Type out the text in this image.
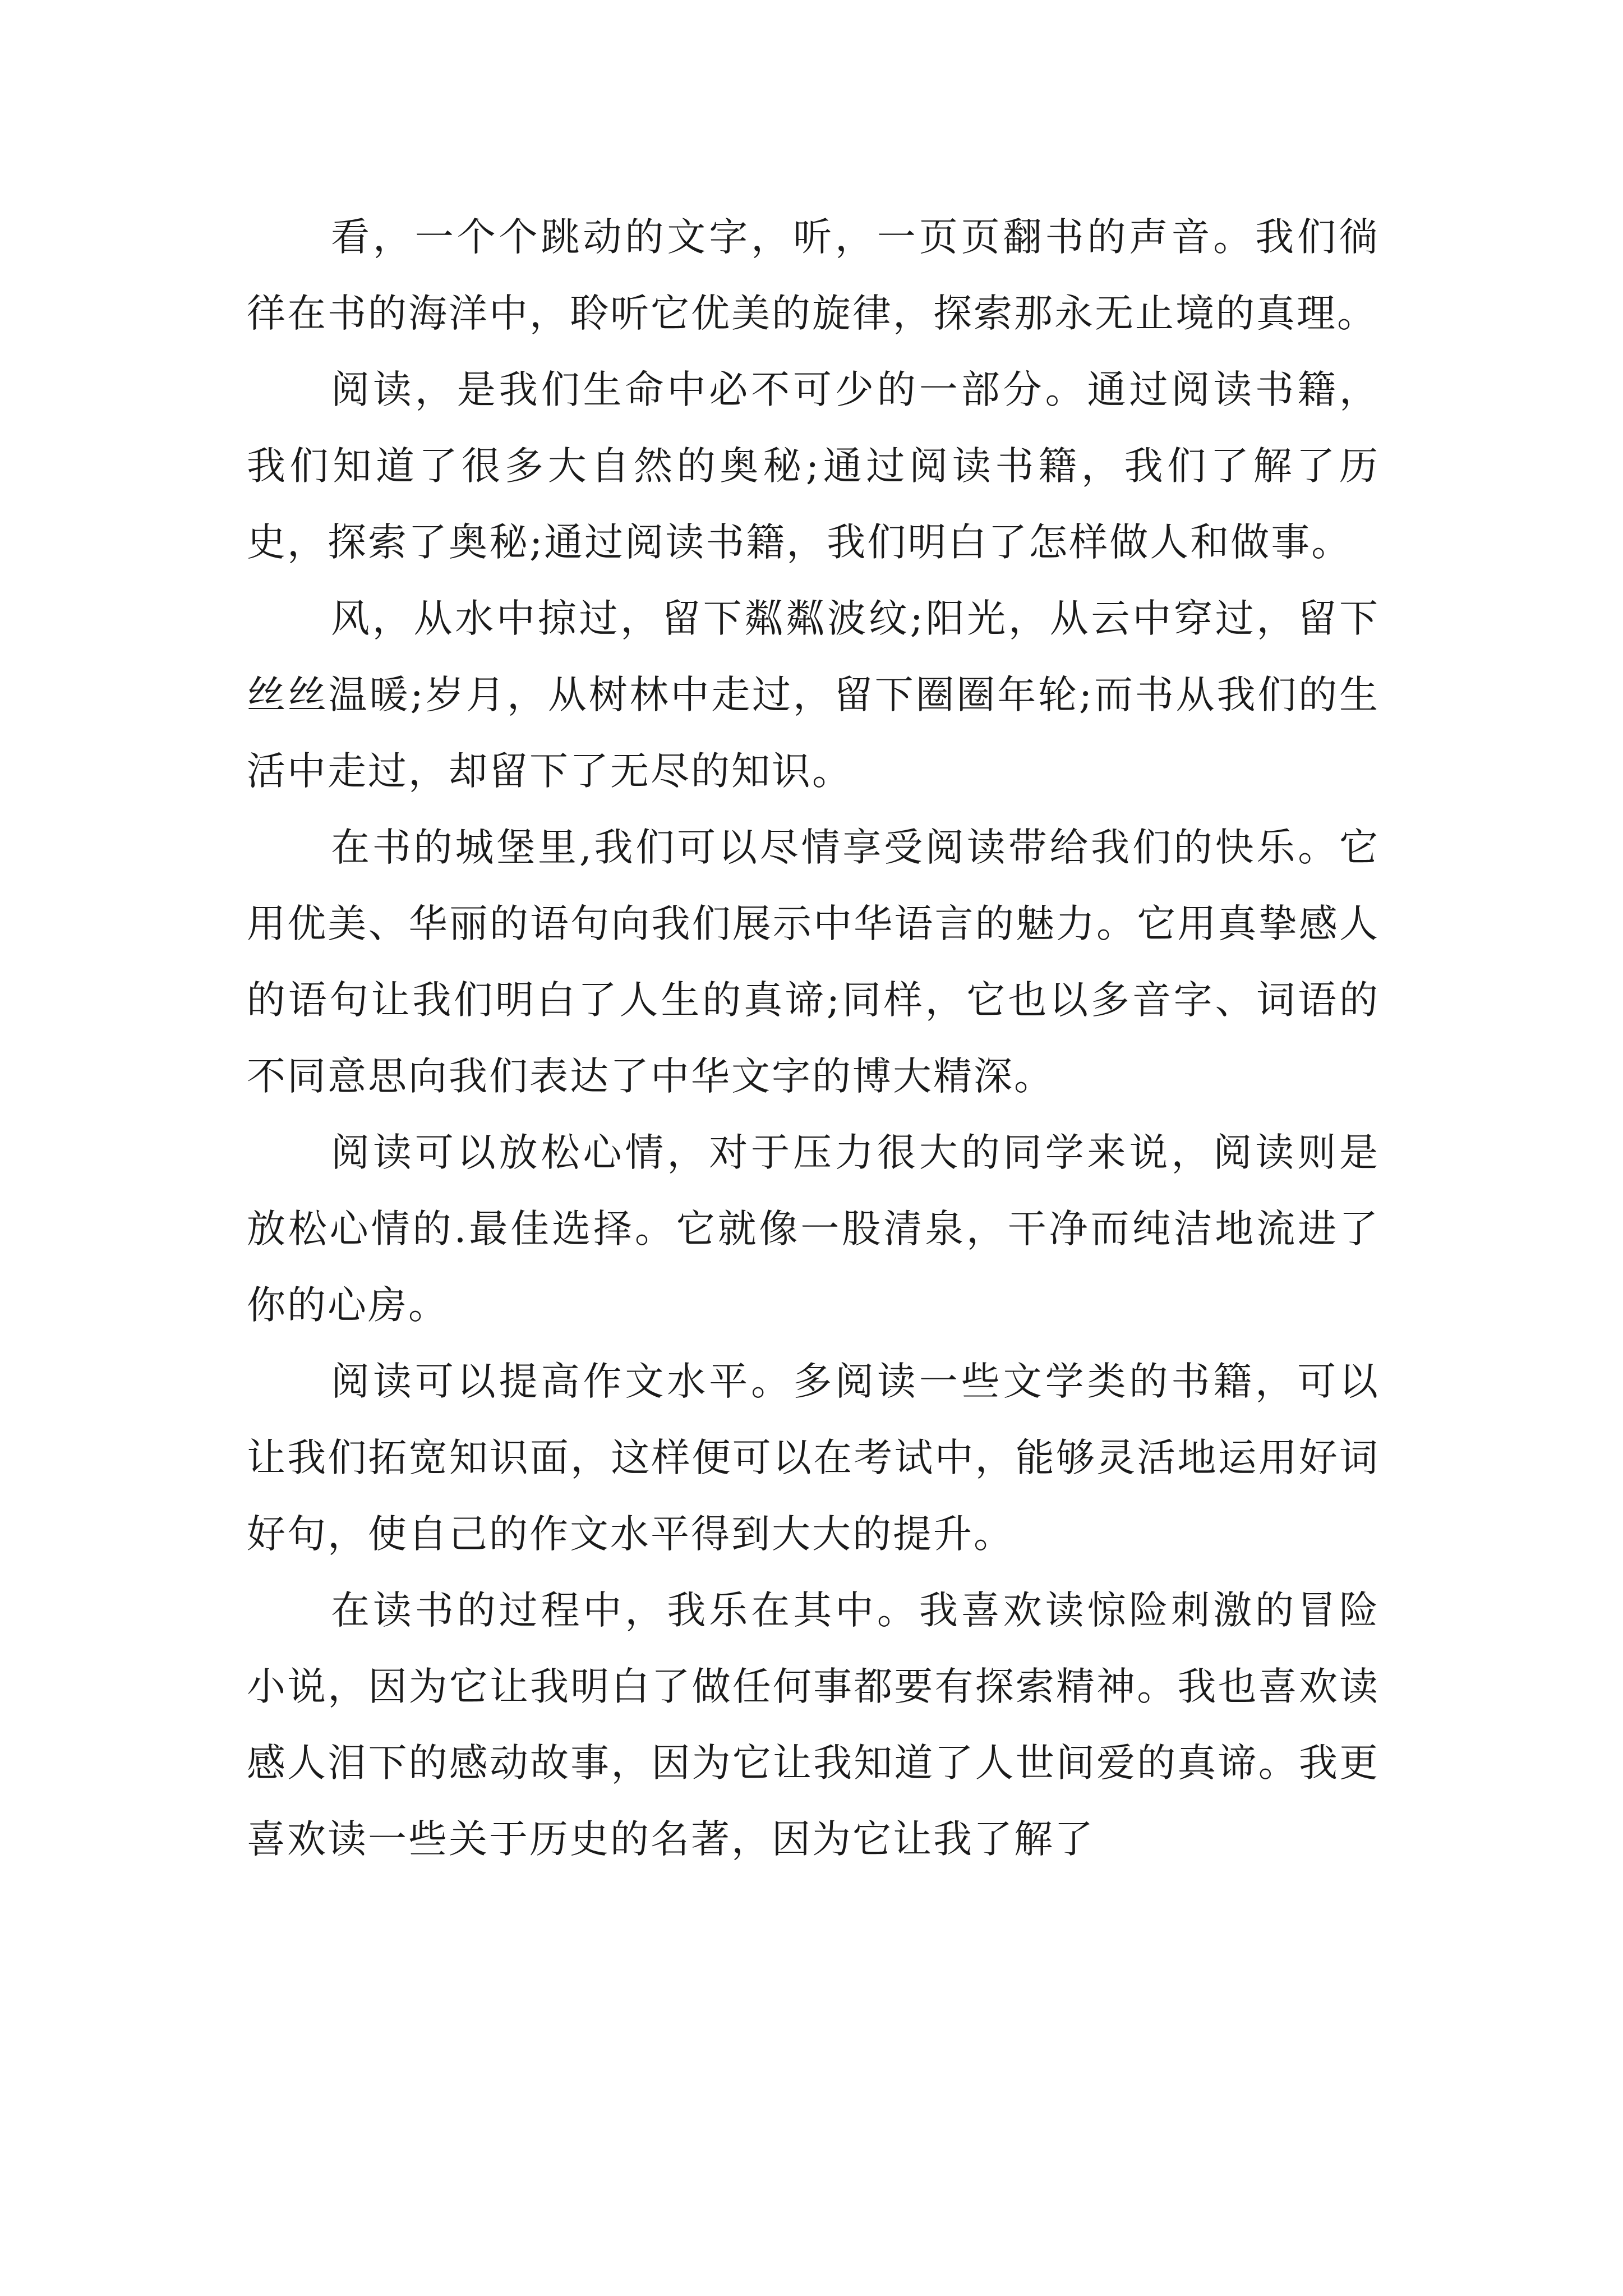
看，一个个跳动的文字，听，一页页翻书的声音。我们徜徉在书的海洋中，聆听它优美的旋律，探索那永无止境的真理。

阅读，是我们生命中必不可少的一部分。通过阅读书籍，我们知道了很多大自然的奥秘;通过阅读书籍，我们了解了历史，探索了奥秘;通过阅读书籍，我们明白了怎样做人和做事。

风，从水中掠过，留下粼粼波纹;阳光，从云中穿过，留下丝丝温暖;岁月，从树林中走过，留下圈圈年轮;而书从我们的生活中走过，却留下了无尽的知识。

在书的城堡里,我们可以尽情享受阅读带给我们的快乐。它用优美、华丽的语句向我们展示中华语言的魅力。它用真挚感人的语句让我们明白了人生的真谛;同样，它也以多音字、词语的不同意思向我们表达了中华文字的博大精深。

阅读可以放松心情，对于压力很大的同学来说，阅读则是放松心情的.最佳选择。它就像一股清泉，干净而纯洁地流进了你的心房。

阅读可以提高作文水平。多阅读一些文学类的书籍，可以让我们拓宽知识面，这样便可以在考试中，能够灵活地运用好词好句，使自己的作文水平得到大大的提升。

在读书的过程中，我乐在其中。我喜欢读惊险刺激的冒险小说，因为它让我明白了做任何事都要有探索精神。我也喜欢读感人泪下的感动故事，因为它让我知道了人世间爱的真谛。我更喜欢读一些关于历史的名著，因为它让我了解了
